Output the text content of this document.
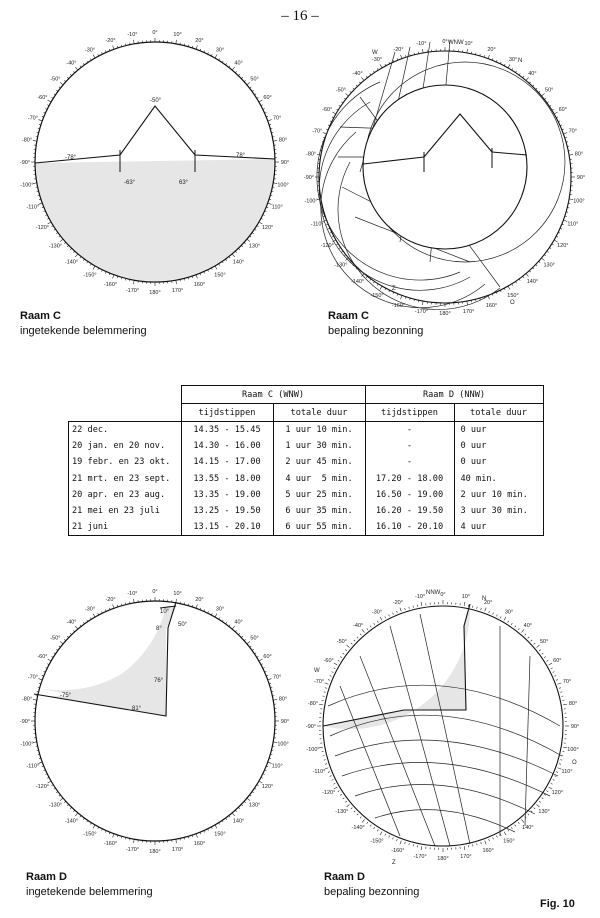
– 16 –
0°	10°
20°
30°
40°
50°
60°
70°
80°
90°
100°
110°
120°
130°
140°
150°
160°
170°
180°
-170°
-160°
-150°
-140°
-130°
-120°
-110°
-100°
-90°
-80°
-70°
-60°
-50°
-40°
-30°
-20°
-10°
-78°
-50°
-63°	63°
78°
Raam C
ingetekende belemmering
0°	10°
20°
30°
40°
50°
60°
70°
80°
90°
100°
110°
120°
130°
140°
150°
160°
170°
180°
-170°
-160°
-150°
-140°
-130°
-120°
-110°
-100°
-90°
-80°
-70°
-60°
-50°
-40°
-30°
-20°
-10°	WNW
W
N
Z
O
Raam C
bepaling bezonning
	Raam C (WNW)		Raam D (NNW)	
	tijdstippen	totale duur	tijdstippen	totale duur
22 dec.	14.35 - 15.45	1 uur 10 min.	-	0 uur
20 jan. en 20 nov.	14.30 - 16.00	1 uur 30 min.	-	0 uur
19 febr. en 23 okt.	14.15 - 17.00	2 uur 45 min.	-	0 uur
21 mrt. en 23 sept.	13.55 - 18.00	4 uur  5 min.	17.20 - 18.00	40 min.
20 apr. en 23 aug.	13.35 - 19.00	5 uur 25 min.	16.50 - 19.00	2 uur 10 min.
21 mei en 23 juli	13.25 - 19.50	6 uur 35 min.	16.20 - 19.50	3 uur 30 min.
21 juni	13.15 - 20.10	6 uur 55 min.	16.10 - 20.10	4 uur
0°	10°
20°
30°
40°
50°
60°
70°
80°
90°
100°
110°
120°
130°
140°
150°
160°
170°
180°
-170°
-160°
-150°
-140°
-130°
-120°
-110°
-100°
-90°
-80°
-70°
-60°
-50°
-40°
-30°
-20°
-10°
10°
50°
8°
76°
-75°
81°
Raam D
ingetekende belemmering
0°	10°
20°
30°
40°
50°
60°
70°
80°
90°
100°
110°
120°
130°
140°
150°
160°
170°
180°
-170°
-160°
-150°
-140°
-130°
-120°
-110°
-100°
-90°
-80°
-70°
-60°
-50°
-40°
-30°
-20°
-10°
NNW
N
W
Z
O
Raam D
bepaling bezonning
Fig. 10
